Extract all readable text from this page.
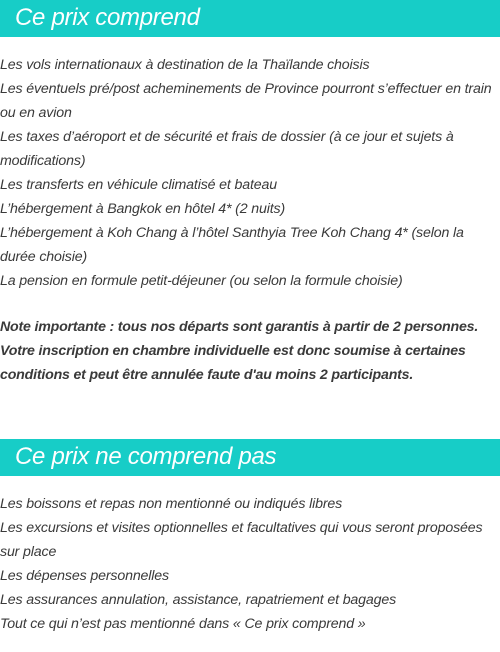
Ce prix comprend
Les vols internationaux à destination de la Thaïlande choisis
Les éventuels pré/post acheminements de Province pourront s’effectuer en train ou en avion
Les taxes d’aéroport et de sécurité et frais de dossier (à ce jour et sujets à modifications)
Les transferts en véhicule climatisé et bateau
L’hébergement à Bangkok en hôtel 4* (2 nuits)
L’hébergement à Koh Chang à l’hôtel Santhyia Tree Koh Chang 4* (selon la durée choisie)
La pension en formule petit-déjeuner (ou selon la formule choisie)

Note importante : tous nos départs sont garantis à partir de 2 personnes.
Votre inscription en chambre individuelle est donc soumise à certaines
conditions et peut être annulée faute d'au moins 2 participants.

Ce prix ne comprend pas
Les boissons et repas non mentionné ou indiqués libres
Les excursions et visites optionnelles et facultatives qui vous seront proposées sur place
Les dépenses personnelles
Les assurances annulation, assistance, rapatriement et bagages
Tout ce qui n’est pas mentionné dans « Ce prix comprend »
